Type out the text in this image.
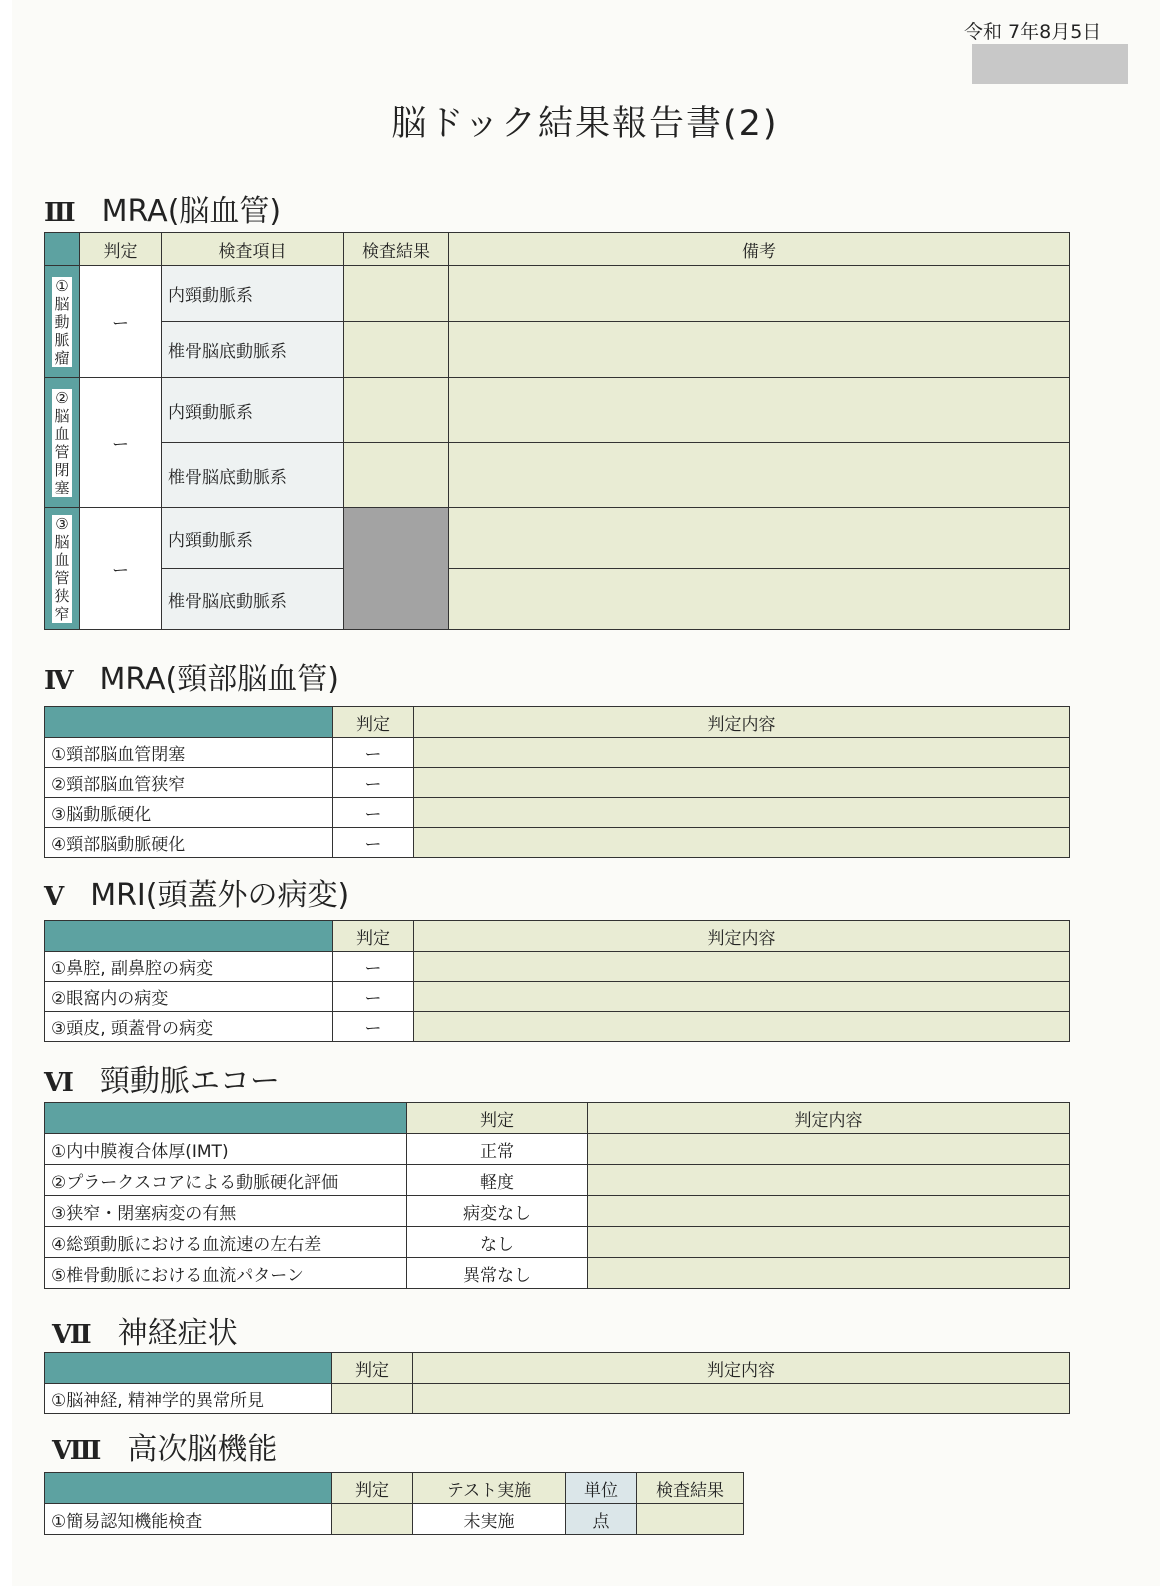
令和 7年8月5日
脳ドック結果報告書(2)
Ⅲ MRA(脳血管)
	判定	検査項目	検査結果	備考

①脳動脈瘤	ー	内頸動脈系		
		椎骨脳底動脈系		

②脳血管閉塞	ー	内頸動脈系		
		椎骨脳底動脈系		

③脳血管狭窄	ー	内頸動脈系		
		椎骨脳底動脈系		
Ⅳ MRA(頸部脳血管)
	判定	判定内容
①頸部脳血管閉塞	ー	
②頸部脳血管狭窄	ー	
③脳動脈硬化	ー	
④頸部脳動脈硬化	ー	
Ⅴ MRI(頭蓋外の病変)
	判定	判定内容
①鼻腔, 副鼻腔の病変	ー	
②眼窩内の病変	ー	
③頭皮, 頭蓋骨の病変	ー	
Ⅵ 頸動脈エコー
	判定	判定内容
①内中膜複合体厚(IMT)	正常	
②プラークスコアによる動脈硬化評価	軽度	
③狭窄・閉塞病変の有無	病変なし	
④総頸動脈における血流速の左右差	なし	
⑤椎骨動脈における血流パターン	異常なし	
Ⅶ 神経症状
	判定	判定内容
①脳神経, 精神学的異常所見		
Ⅷ 高次脳機能
	判定	テスト実施	単位	検査結果
①簡易認知機能検査		未実施	点	
